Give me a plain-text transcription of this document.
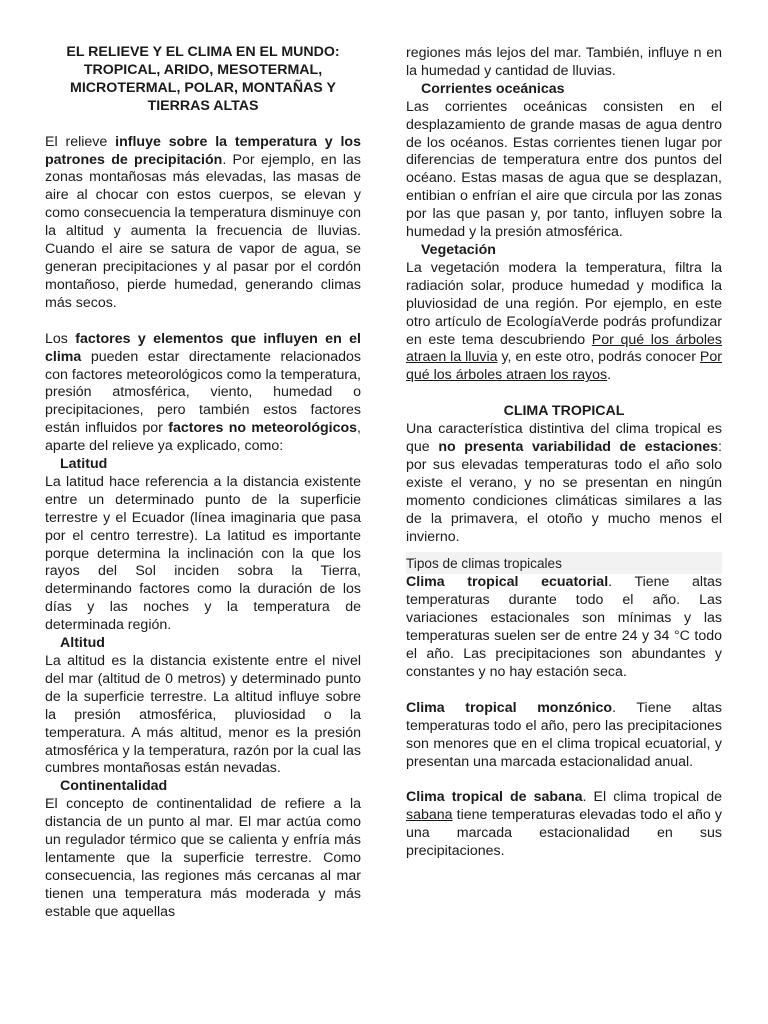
EL RELIEVE Y EL CLIMA EN EL MUNDO: TROPICAL, ARIDO, MESOTERMAL, MICROTERMAL, POLAR, MONTAÑAS Y TIERRAS ALTAS

El relieve influye sobre la temperatura y los patrones de precipitación. Por ejemplo, en las zonas montañosas más elevadas, las masas de aire al chocar con estos cuerpos, se elevan y como consecuencia la temperatura disminuye con la altitud y aumenta la frecuencia de lluvias. Cuando el aire se satura de vapor de agua, se generan precipitaciones y al pasar por el cordón montañoso, pierde humedad, generando climas más secos.

Los factores y elementos que influyen en el clima pueden estar directamente relacionados con factores meteorológicos como la temperatura, presión atmosférica, viento, humedad o precipitaciones, pero también estos factores están influidos por factores no meteorológicos, aparte del relieve ya explicado, como:

Latitud

La latitud hace referencia a la distancia existente entre un determinado punto de la superficie terrestre y el Ecuador (línea imaginaria que pasa por el centro terrestre). La latitud es importante porque determina la inclinación con la que los rayos del Sol inciden sobra la Tierra, determinando factores como la duración de los días y las noches y la temperatura de determinada región.

Altitud

La altitud es la distancia existente entre el nivel del mar (altitud de 0 metros) y determinado punto de la superficie terrestre. La altitud influye sobre la presión atmosférica, pluviosidad o la temperatura. A más altitud, menor es la presión atmosférica y la temperatura, razón por la cual las cumbres montañosas están nevadas.

Continentalidad

El concepto de continentalidad de refiere a la distancia de un punto al mar. El mar actúa como un regulador térmico que se calienta y enfría más lentamente que la superficie terrestre. Como consecuencia, las regiones más cercanas al mar tienen una temperatura más moderada y más estable que aquellas

regiones más lejos del mar. También, influye n en la humedad y cantidad de lluvias.

Corrientes oceánicas

Las corrientes oceánicas consisten en el desplazamiento de grande masas de agua dentro de los océanos. Estas corrientes tienen lugar por diferencias de temperatura entre dos puntos del océano. Estas masas de agua que se desplazan, entibian o enfrían el aire que circula por las zonas por las que pasan y, por tanto, influyen sobre la humedad y la presión atmosférica.

Vegetación

La vegetación modera la temperatura, filtra la radiación solar, produce humedad y modifica la pluviosidad de una región. Por ejemplo, en este otro artículo de EcologíaVerde podrás profundizar en este tema descubriendo Por qué los árboles atraen la lluvia y, en este otro, podrás conocer Por qué los árboles atraen los rayos.

CLIMA TROPICAL

Una característica distintiva del clima tropical es que no presenta variabilidad de estaciones: por sus elevadas temperaturas todo el año solo existe el verano, y no se presentan en ningún momento condiciones climáticas similares a las de la primavera, el otoño y mucho menos el invierno.

Tipos de climas tropicales

Clima tropical ecuatorial. Tiene altas temperaturas durante todo el año. Las variaciones estacionales son mínimas y las temperaturas suelen ser de entre 24 y 34 °C todo el año. Las precipitaciones son abundantes y constantes y no hay estación seca.

Clima tropical monzónico. Tiene altas temperaturas todo el año, pero las precipitaciones son menores que en el clima tropical ecuatorial, y presentan una marcada estacionalidad anual.

Clima tropical de sabana. El clima tropical de sabana tiene temperaturas elevadas todo el año y una marcada estacionalidad en sus precipitaciones.
